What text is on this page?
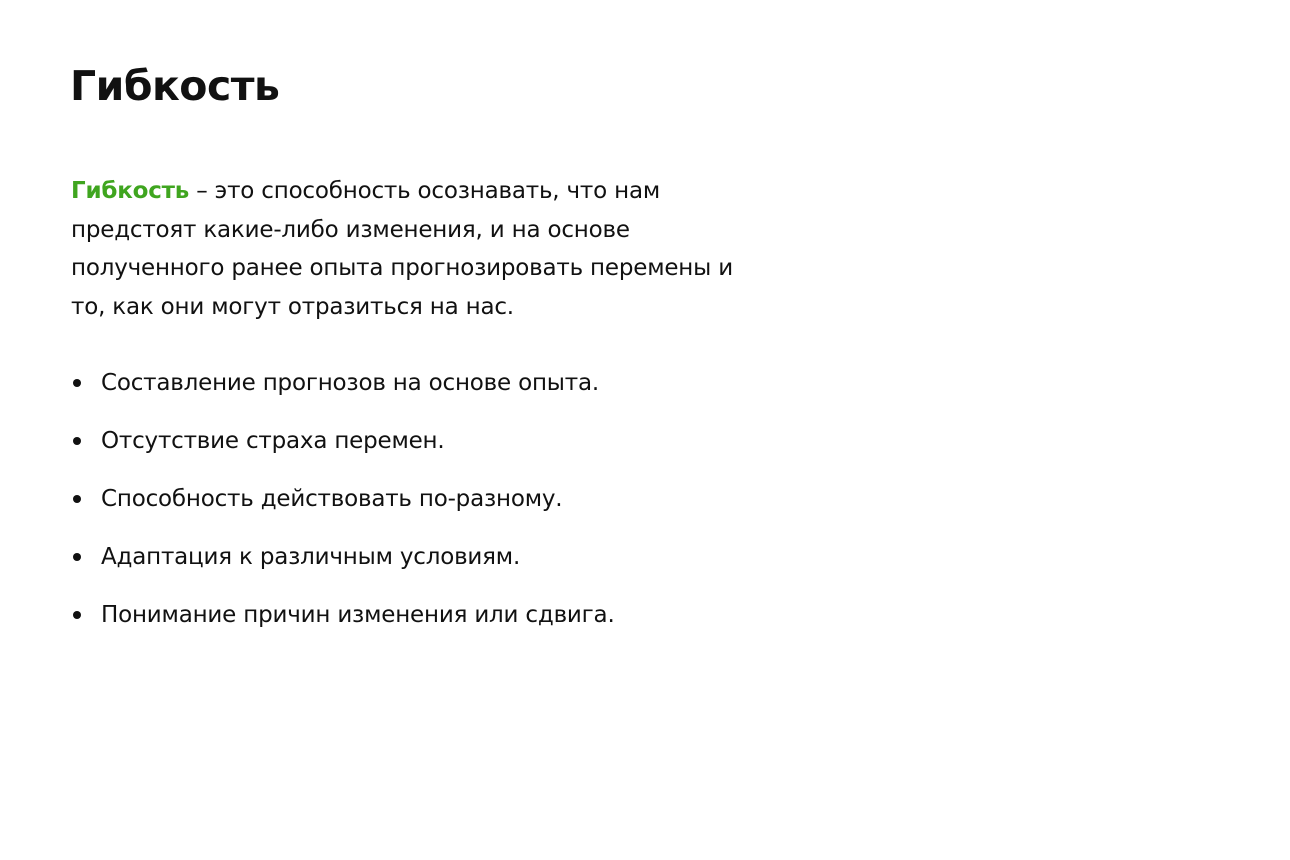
Гибкость

Гибкость – это способность осознавать, что нам предстоят какие-либо изменения, и на основе полученного ранее опыта прогнозировать перемены и то, как они могут отразиться на нас.

Составление прогнозов на основе опыта.
Отсутствие страха перемен.
Способность действовать по-разному.
Адаптация к различным условиям.
Понимание причин изменения или сдвига.
